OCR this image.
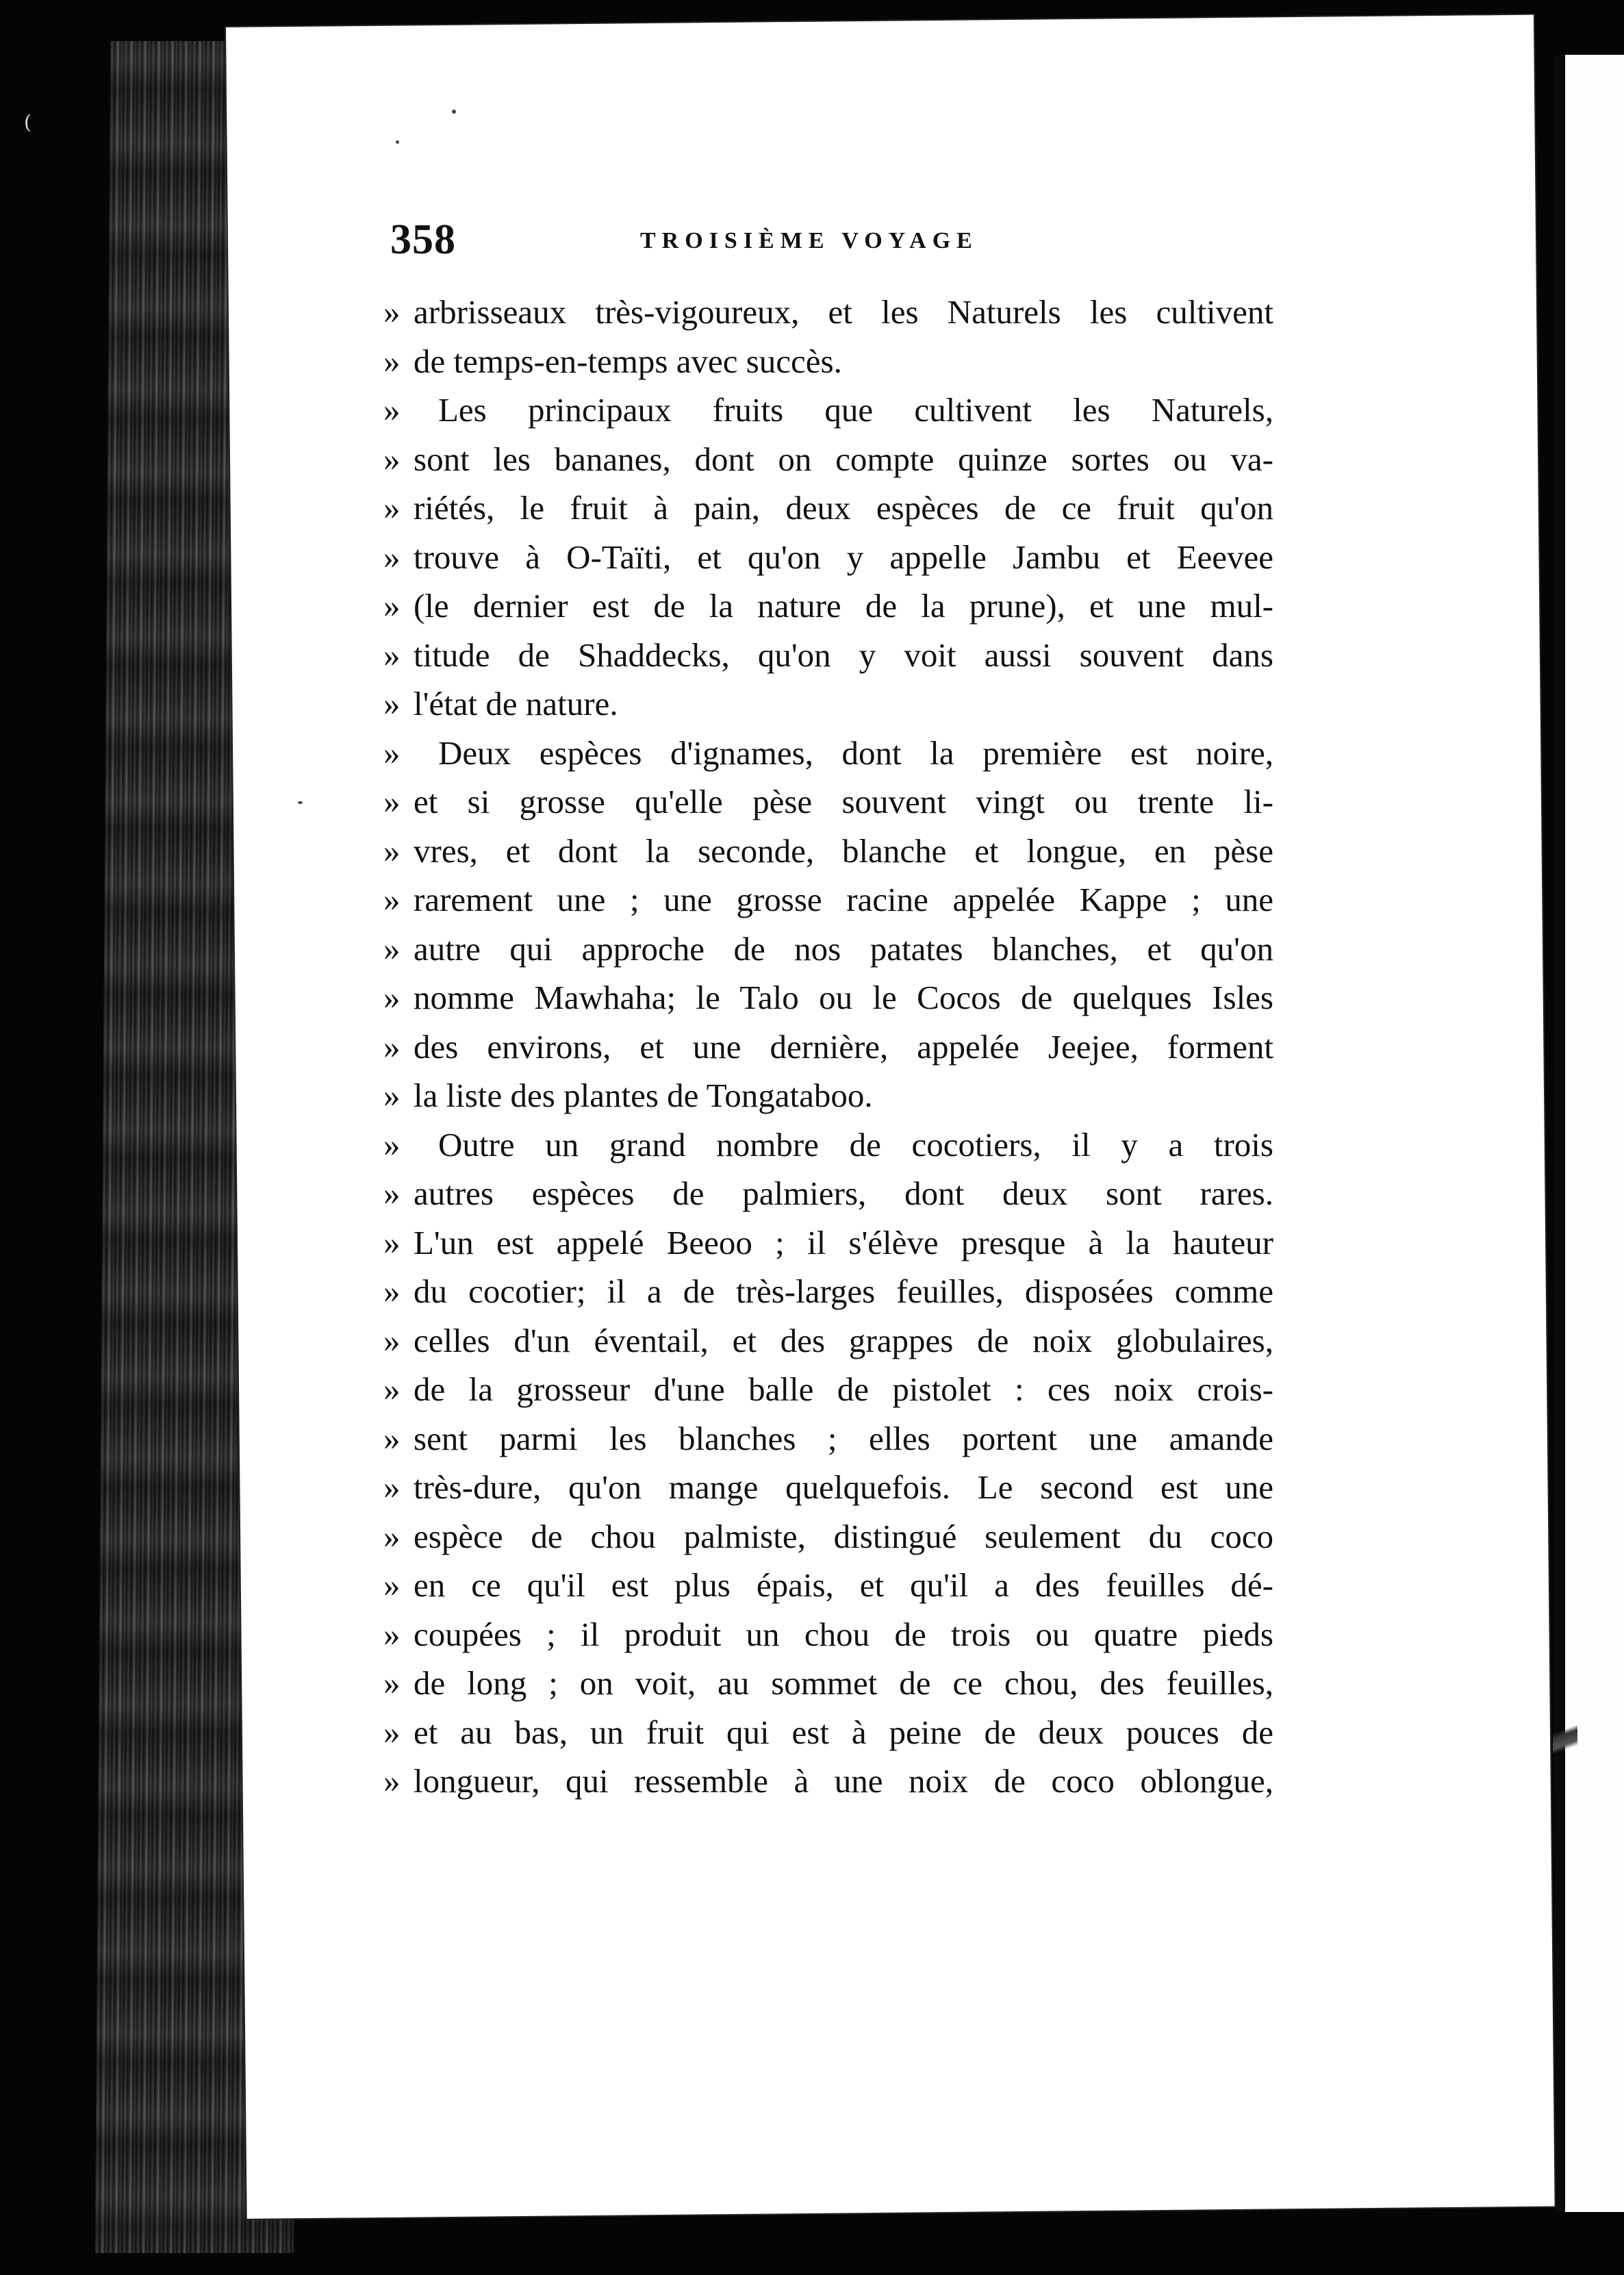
(
358	TROISIÈME VOYAGE
» arbrisseaux très-vigoureux, et les Naturels les cultivent
» de temps-en-temps avec succès.
»	Les principaux fruits que cultivent les Naturels,
» sont les bananes, dont on compte quinze sortes ou va-
» riétés, le fruit à pain, deux espèces de ce fruit qu'on
» trouve à O-Taïti, et qu'on y appelle Jambu et Eeevee
» (le dernier est de la nature de la prune), et une mul-
» titude de Shaddecks, qu'on y voit aussi souvent dans
» l'état de nature.
»	Deux espèces d'ignames, dont la première est noire,
» et si grosse qu'elle pèse souvent vingt ou trente li-
» vres, et dont la seconde, blanche et longue, en pèse
» rarement une ; une grosse racine appelée Kappe ; une
» autre qui approche de nos patates blanches, et qu'on
» nomme Mawhaha; le Talo ou le Cocos de quelques Isles
» des environs, et une dernière, appelée Jeejee, forment
» la liste des plantes de Tongataboo.
»	Outre un grand nombre de cocotiers, il y a trois
» autres espèces de palmiers, dont deux sont rares.
» L'un est appelé Beeoo ; il s'élève presque à la hauteur
» du cocotier; il a de très-larges feuilles, disposées comme
» celles d'un éventail, et des grappes de noix globulaires,
» de la grosseur d'une balle de pistolet : ces noix crois-
» sent parmi les blanches ; elles portent une amande
» très-dure, qu'on mange quelquefois. Le second est une
» espèce de chou palmiste, distingué seulement du coco
» en ce qu'il est plus épais, et qu'il a des feuilles dé-
» coupées ; il produit un chou de trois ou quatre pieds
» de long ; on voit, au sommet de ce chou, des feuilles,
» et au bas, un fruit qui est à peine de deux pouces de
» longueur, qui ressemble à une noix de coco oblongue,
